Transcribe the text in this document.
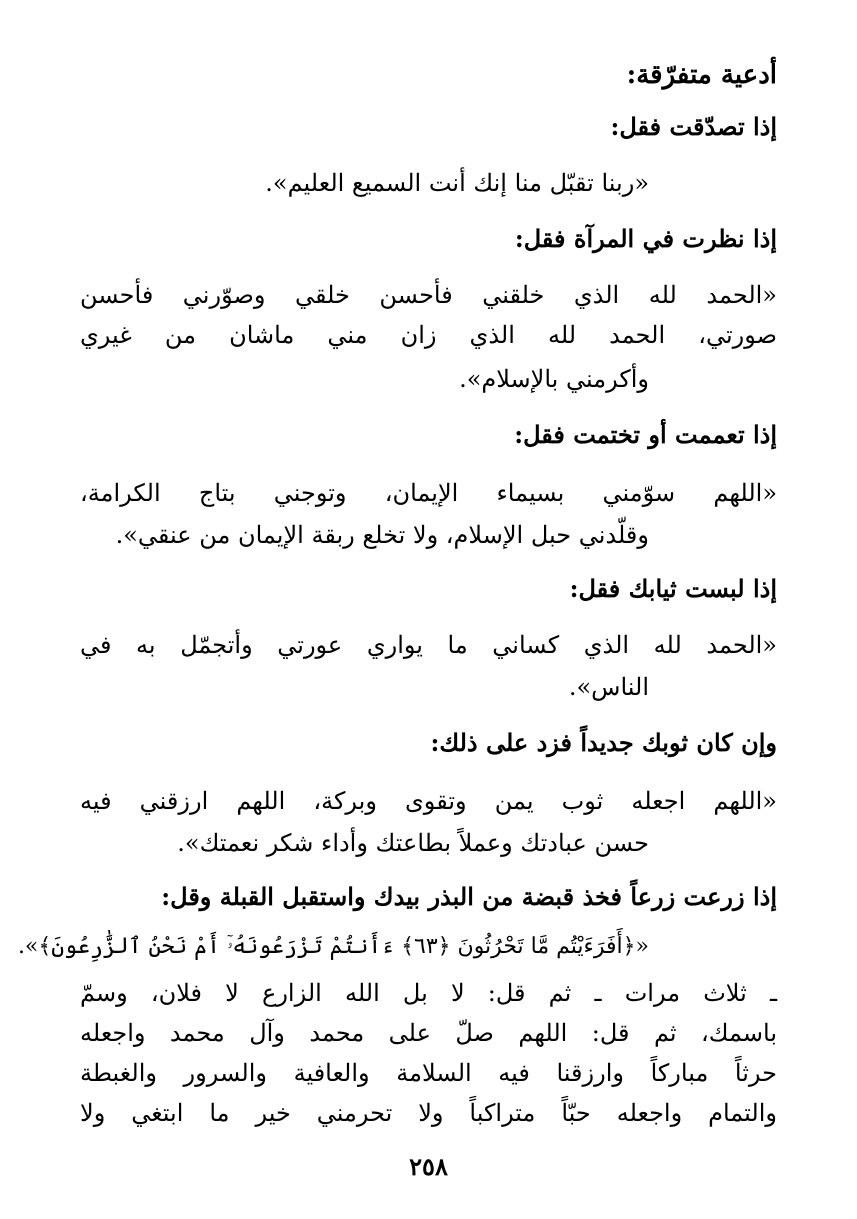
أدعية متفرّقة:
إذا تصدّقت فقل:
«ربنا تقبّل منا إنك أنت السميع العليم».
إذا نظرت في المرآة فقل:
«الحمد لله الذي خلقني فأحسن خلقي وصوّرني فأحسن
صورتي، الحمد لله الذي زان مني ماشان من غيري
وأكرمني بالإسلام».
إذا تعممت أو تختمت فقل:
«اللهم سوّمني بسيماء الإيمان، وتوجني بتاج الكرامة،
وقلّدني حبل الإسلام، ولا تخلع ربقة الإيمان من عنقي».
إذا لبست ثيابك فقل:
«الحمد لله الذي كساني ما يواري عورتي وأتجمّل به في
الناس».
وإن كان ثوبك جديداً فزد على ذلك:
«اللهم اجعله ثوب يمن وتقوى وبركة، اللهم ارزقني فيه
حسن عبادتك وعملاً بطاعتك وأداء شكر نعمتك».
إذا زرعت زرعاً فخذ قبضة من البذر بيدك واستقبل القبلة وقل:
«﴿أَفَرَءَيْتُم مَّا تَحْرُثُونَ ﴿٦٣﴾ ءَأَنتُمْ تَزْرَعُونَهُۥٓ أَمْ نَحْنُ ٱلزَّٰرِعُونَ﴾».
ـ ثلاث مرات ـ ثم قل: لا بل الله الزارع لا فلان، وسمّ
باسمك، ثم قل: اللهم صلّ على محمد وآل محمد واجعله
حرثاً مباركاً وارزقنا فيه السلامة والعافية والسرور والغبطة
والتمام واجعله حبّاً متراكباً ولا تحرمني خير ما ابتغي ولا
٢٥٨
